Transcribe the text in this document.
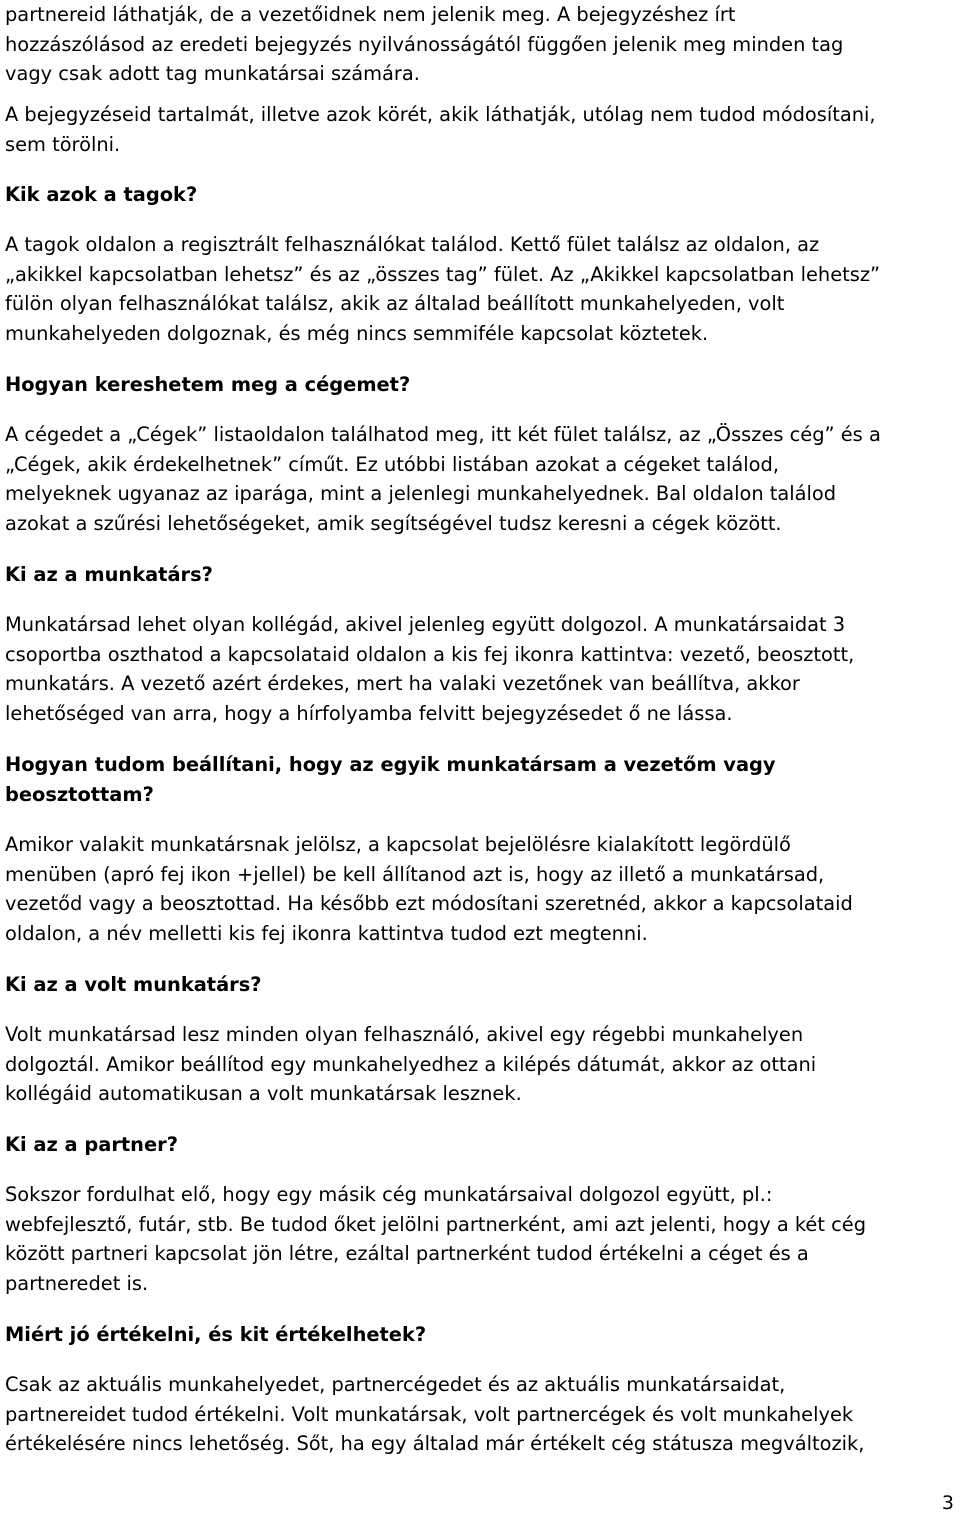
partnereid láthatják, de a vezetőidnek nem jelenik meg. A bejegyzéshez írt
hozzászólásod az eredeti bejegyzés nyilvánosságától függően jelenik meg minden tag
vagy csak adott tag munkatársai számára.
A bejegyzéseid tartalmát, illetve azok körét, akik láthatják, utólag nem tudod módosítani,
sem törölni.
Kik azok a tagok?
A tagok oldalon a regisztrált felhasználókat találod. Kettő fület találsz az oldalon, az
„akikkel kapcsolatban lehetsz” és az „összes tag” fület. Az „Akikkel kapcsolatban lehetsz”
fülön olyan felhasználókat találsz, akik az általad beállított munkahelyeden, volt
munkahelyeden dolgoznak, és még nincs semmiféle kapcsolat köztetek.
Hogyan kereshetem meg a cégemet?
A cégedet a „Cégek” listaoldalon találhatod meg, itt két fület találsz, az „Összes cég” és a
„Cégek, akik érdekelhetnek” címűt. Ez utóbbi listában azokat a cégeket találod,
melyeknek ugyanaz az iparága, mint a jelenlegi munkahelyednek. Bal oldalon találod
azokat a szűrési lehetőségeket, amik segítségével tudsz keresni a cégek között.
Ki az a munkatárs?
Munkatársad lehet olyan kollégád, akivel jelenleg együtt dolgozol. A munkatársaidat 3
csoportba oszthatod a kapcsolataid oldalon a kis fej ikonra kattintva: vezető, beosztott,
munkatárs. A vezető azért érdekes, mert ha valaki vezetőnek van beállítva, akkor
lehetőséged van arra, hogy a hírfolyamba felvitt bejegyzésedet ő ne lássa.
Hogyan tudom beállítani, hogy az egyik munkatársam a vezetőm vagy
beosztottam?
Amikor valakit munkatársnak jelölsz, a kapcsolat bejelölésre kialakított legördülő
menüben (apró fej ikon +jellel) be kell állítanod azt is, hogy az illető a munkatársad,
vezetőd vagy a beosztottad. Ha később ezt módosítani szeretnéd, akkor a kapcsolataid
oldalon, a név melletti kis fej ikonra kattintva tudod ezt megtenni.
Ki az a volt munkatárs?
Volt munkatársad lesz minden olyan felhasználó, akivel egy régebbi munkahelyen
dolgoztál. Amikor beállítod egy munkahelyedhez a kilépés dátumát, akkor az ottani
kollégáid automatikusan a volt munkatársak lesznek.
Ki az a partner?
Sokszor fordulhat elő, hogy egy másik cég munkatársaival dolgozol együtt, pl.:
webfejlesztő, futár, stb. Be tudod őket jelölni partnerként, ami azt jelenti, hogy a két cég
között partneri kapcsolat jön létre, ezáltal partnerként tudod értékelni a céget és a
partneredet is.
Miért jó értékelni, és kit értékelhetek?
Csak az aktuális munkahelyedet, partnercégedet és az aktuális munkatársaidat,
partnereidet tudod értékelni. Volt munkatársak, volt partnercégek és volt munkahelyek
értékelésére nincs lehetőség. Sőt, ha egy általad már értékelt cég státusza megváltozik,
3
